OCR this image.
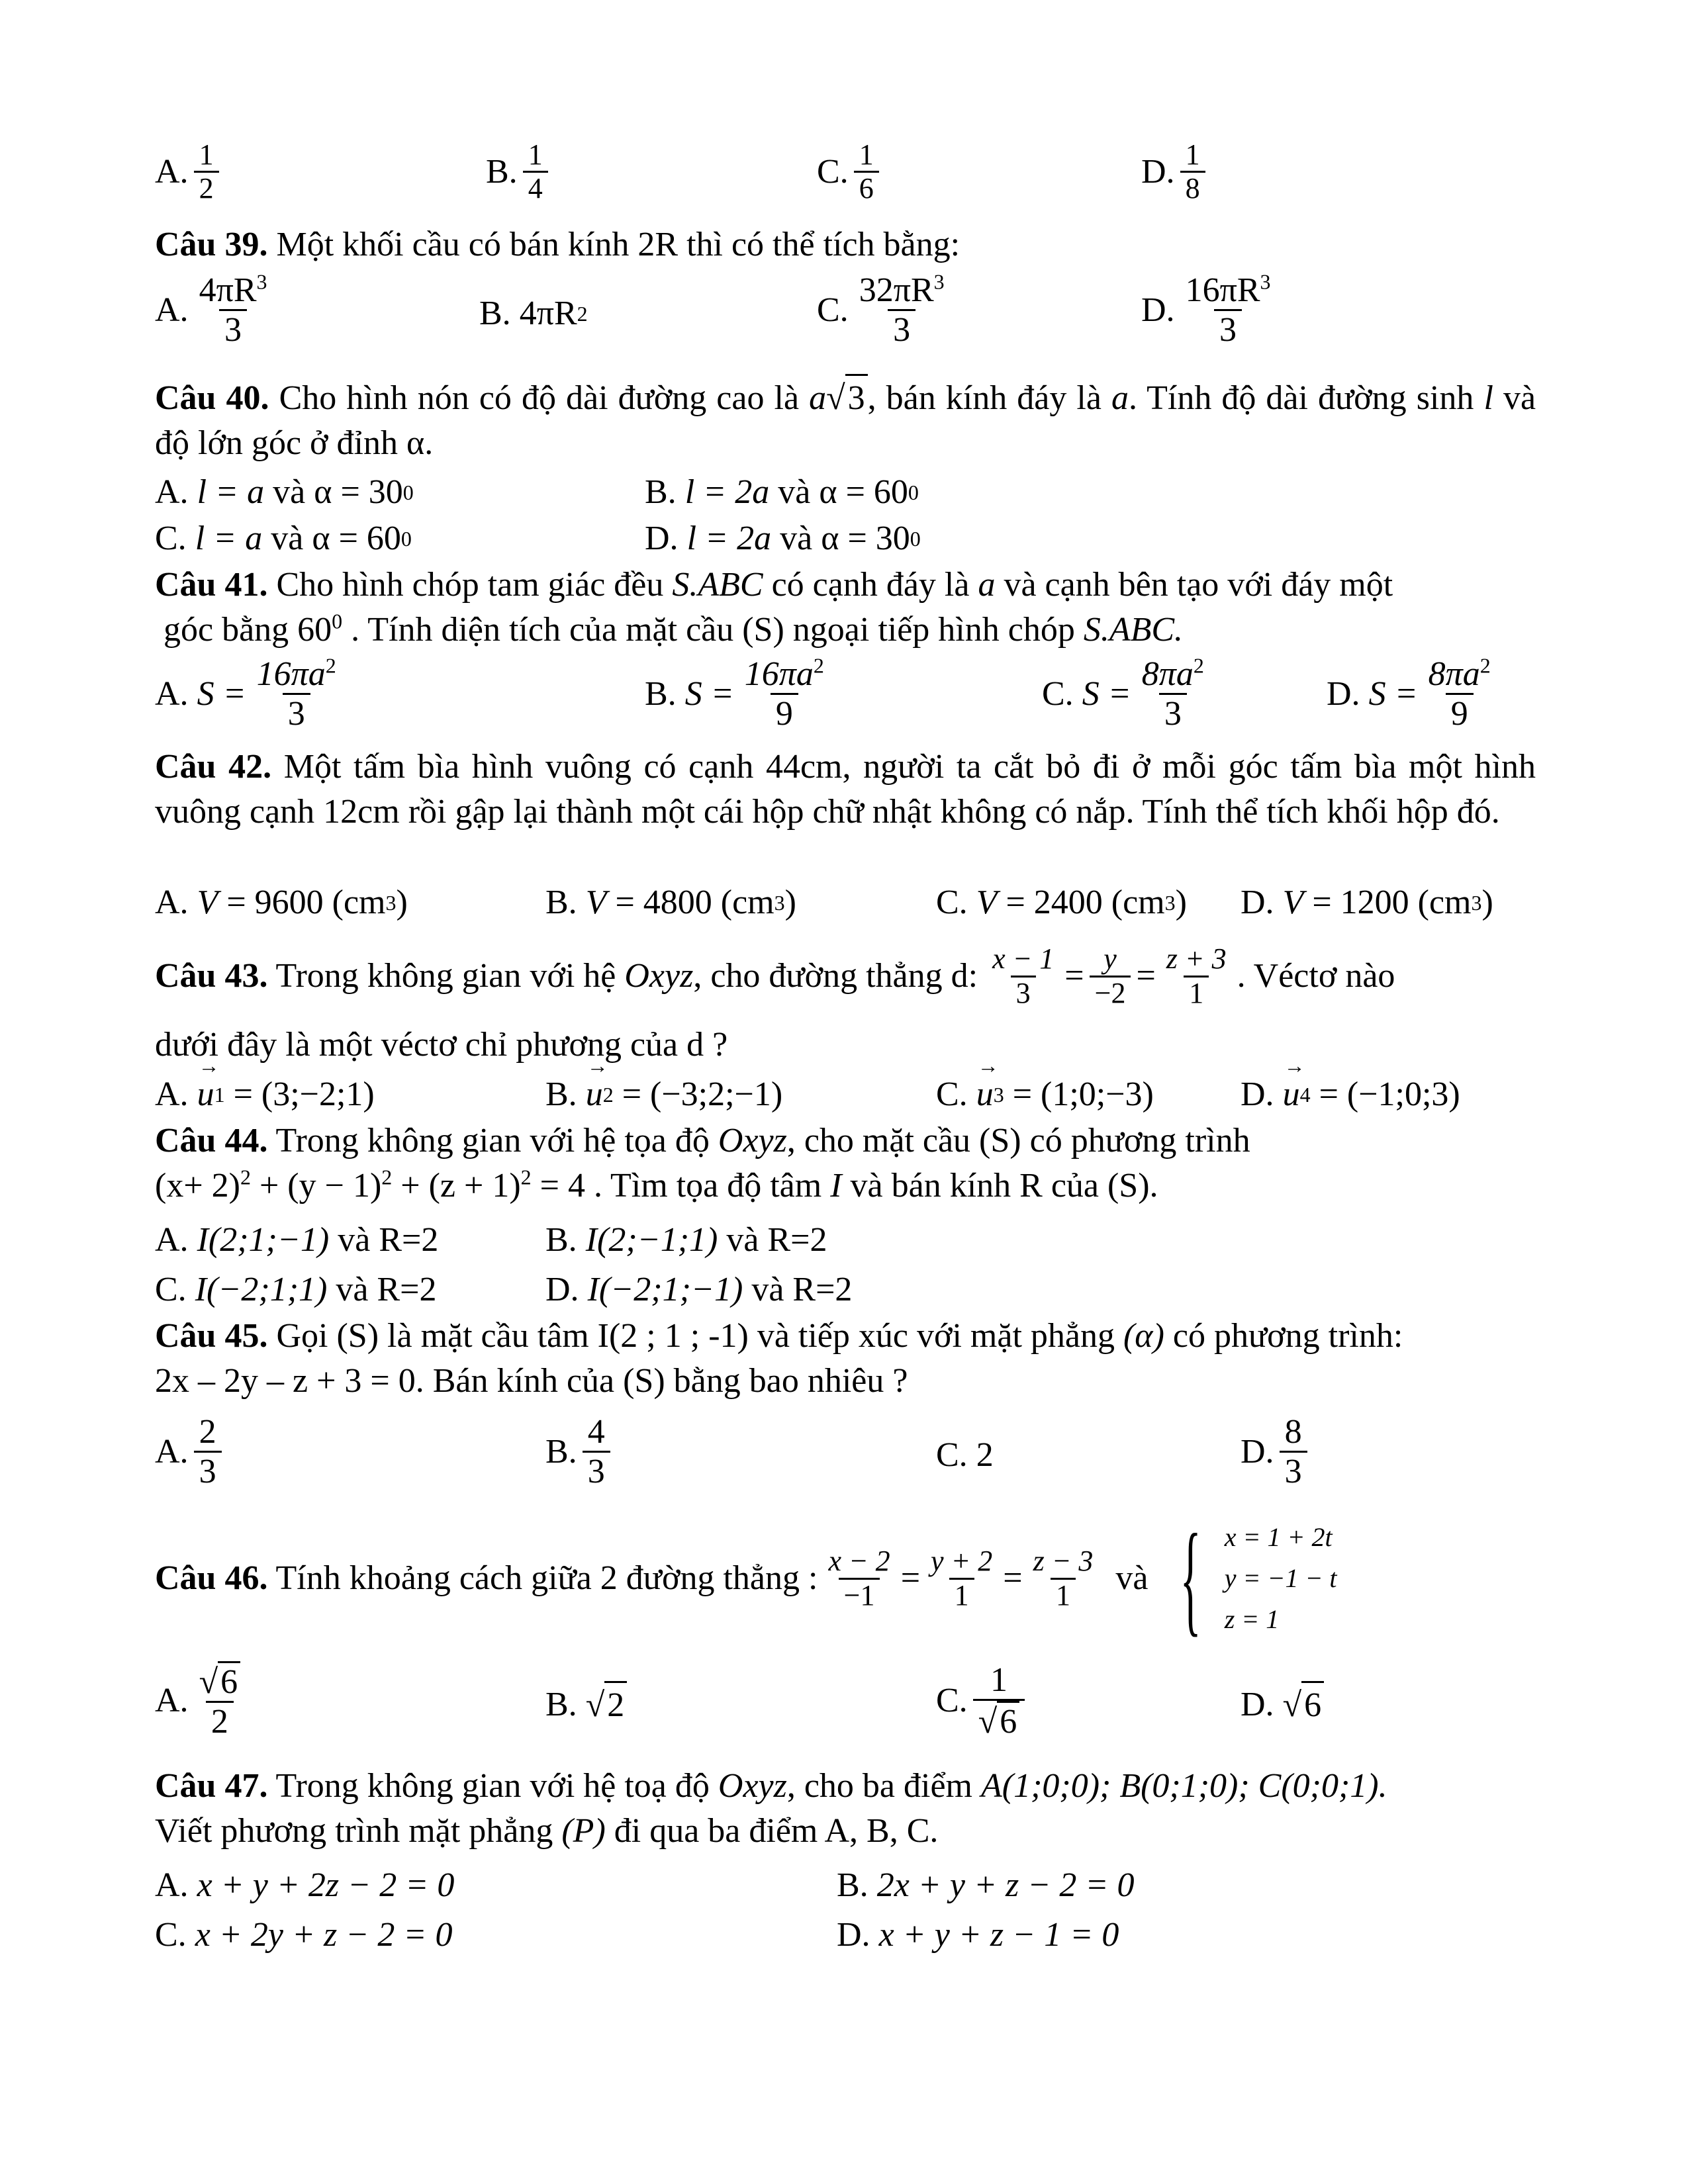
A. $\frac{1}{2}$	B. $\frac{1}{4}$	C. $\frac{1}{6}$	D. $\frac{1}{8}$
Câu 39. Một khối cầu có bán kính 2R thì có thể tích bằng:
A. $\frac{4\pi R^3}{3}$	B.
4πR 2	C. $\frac{32\pi R^3}{3}$	D. $\frac{16\pi R^3}{3}$
Câu 40. Cho hình nón có độ dài đường cao là a√ 3 , bán kính đáy là a. Tính độ dài đường sinh l và độ lớn góc ở đỉnh α.
A.
l = a
và
α = 30 0	B.
l = 2a
và
α = 60 0
C.
l = a
và
α = 60 0	D.
l = 2a
và
α = 30 0
Câu 41. Cho hình chóp tam giác đều S.ABC có cạnh đáy là a và cạnh bên tạo với đáy một
góc bằng $60^0$ . Tính diện tích của mặt cầu (S) ngoại tiếp hình chóp S.ABC.
A.
$S = \frac{16\pi a^2}{3}$	B.
$S = \frac{16\pi a^2}{9}$	C.
$S = \frac{8\pi a^2}{3}$	D.
$S = \frac{8\pi a^2}{9}$
Câu 42. Một tấm bìa hình vuông có cạnh 44cm, người ta cắt bỏ đi ở mỗi góc tấm bìa một hình vuông cạnh 12cm rồi gập lại thành một cái hộp chữ nhật không có nắp. Tính thể tích khối hộp đó.
A.
V
= 9600 (cm 3 )	B.
V
= 4800 (cm 3 )	C.
V
= 2400 (cm 3 ) D.
V
= 1200 (cm 3 )
Câu 43. Trong không gian với hệ Oxyz, cho đường thẳng d: $\frac{x - 1}{3} = \frac{y}{-2} = \frac{z + 3}{1}$ . Véctơ nào
dưới đây là một véctơ chỉ phương của d ?
A.
→ u 1
= (3;−2;1)	B.
→ u 2
= (−3;2;−1)	C.
→ u 3
= (1;0;−3)	D.
→ u 4
= (−1;0;3)
Câu 44. Trong không gian với hệ tọa độ Oxyz, cho mặt cầu (S) có phương trình
$(x+ 2)^2 + (y - 1)^2 + (z + 1)^2 = 4$ . Tìm tọa độ tâm I và bán kính R của (S).
A.
I(2;1;−1)
và R=2	B.
I(2;−1;1)
và R=2
C.
I(−2;1;1)
và R=2	D.
I(−2;1;−1)
và R=2
Câu 45. Gọi (S) là mặt cầu tâm I(2 ; 1 ; -1) và tiếp xúc với mặt phẳng (α) có phương trình:
2x – 2y – z + 3 = 0. Bán kính của (S) bằng bao nhiêu ?
A. $\frac{2}{3}$	B. $\frac{4}{3}$	C.
2	D. $\frac{8}{3}$
Câu 46. Tính khoảng cách giữa 2 đường thẳng : $\frac{x - 2}{-1} = \frac{y + 2}{1} = \frac{z - 3}{1}$ và { x = 1 + 2t
y = −1 − t
z = 1
A. $\frac{√ 6}{2}$	B.
√ 2	C. $\frac{1}{√ 6}$	D.
√ 6
Câu 47. Trong không gian với hệ toạ độ Oxyz, cho ba điểm A(1;0;0); B(0;1;0); C(0;0;1).
Viết phương trình mặt phẳng (P) đi qua ba điểm A, B, C.
A.
x + y + 2z − 2 = 0	B.
2x + y + z − 2 = 0
C.
x + 2y + z − 2 = 0	D.
x + y + z − 1 = 0
